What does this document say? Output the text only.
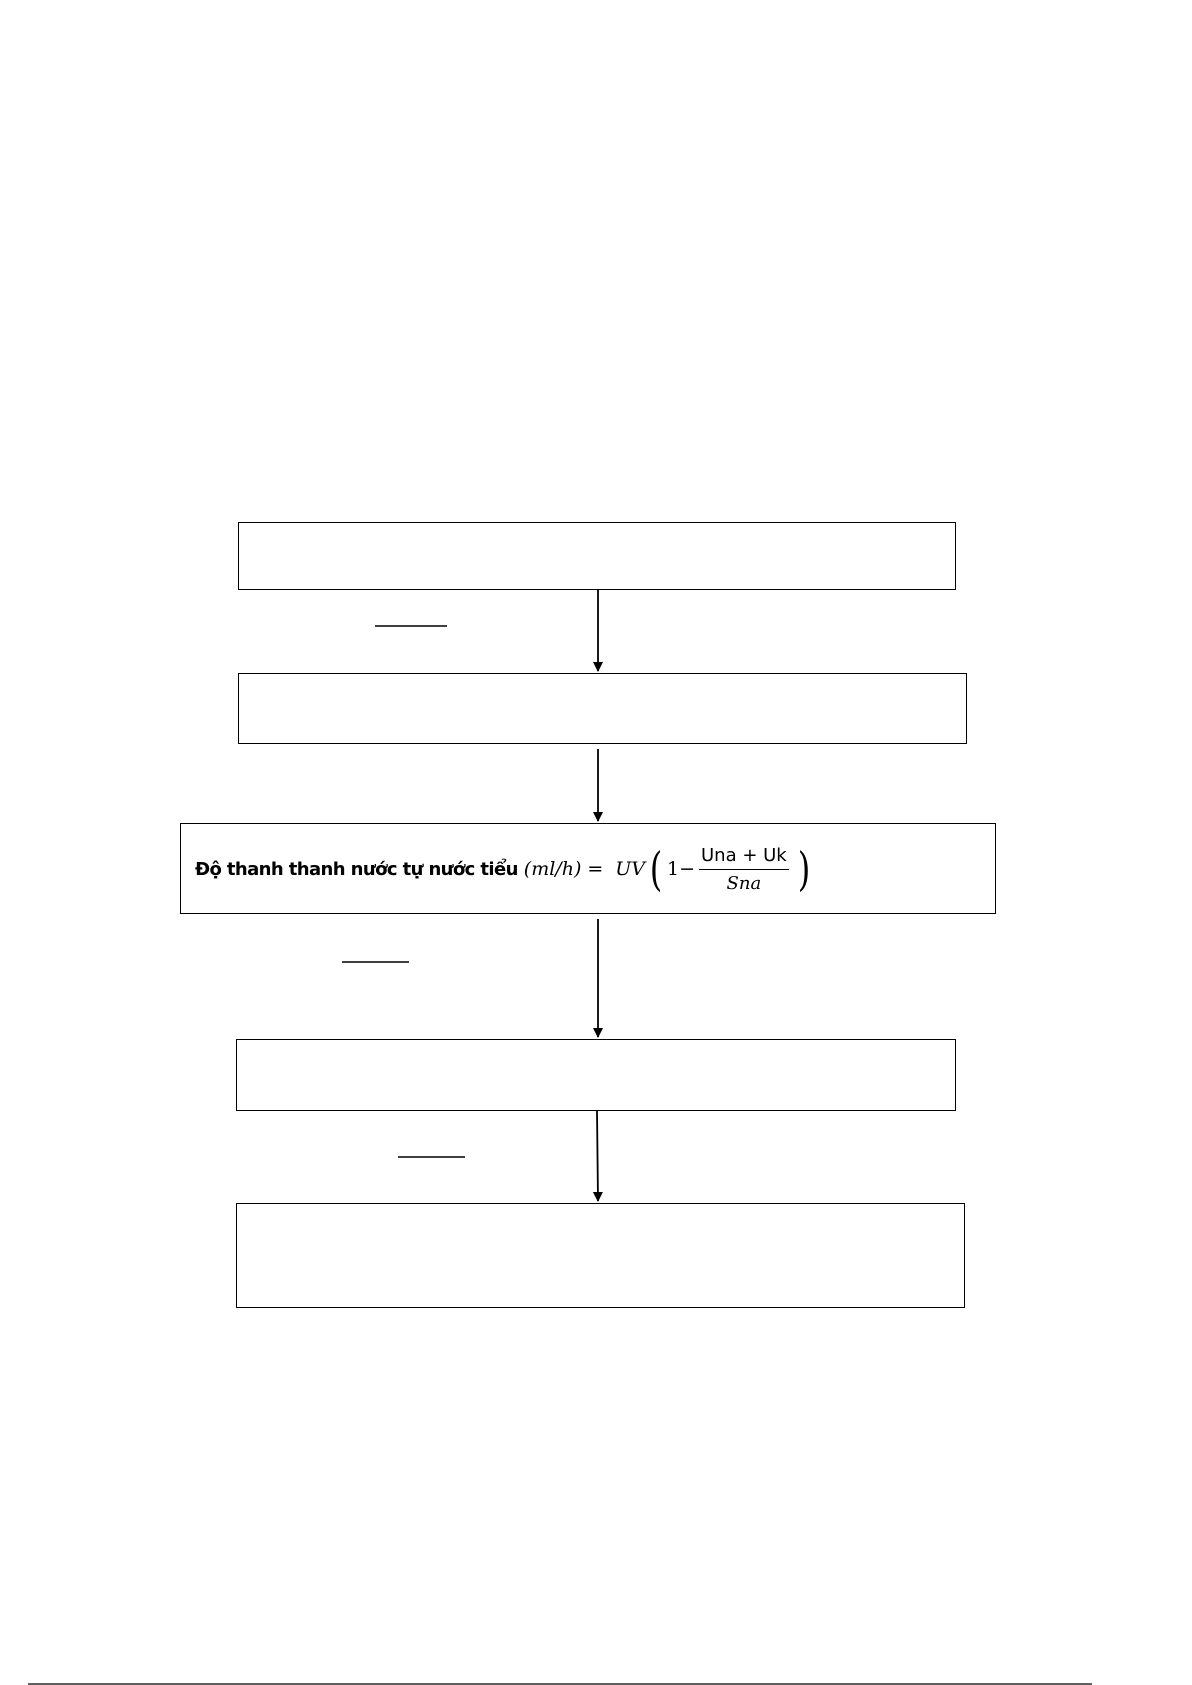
Độ thanh thanh nước tự nước tiểu (ml/h) = UV ( $1 - \frac{\text{Una + Uk}}{\text{Sna}}$ )
